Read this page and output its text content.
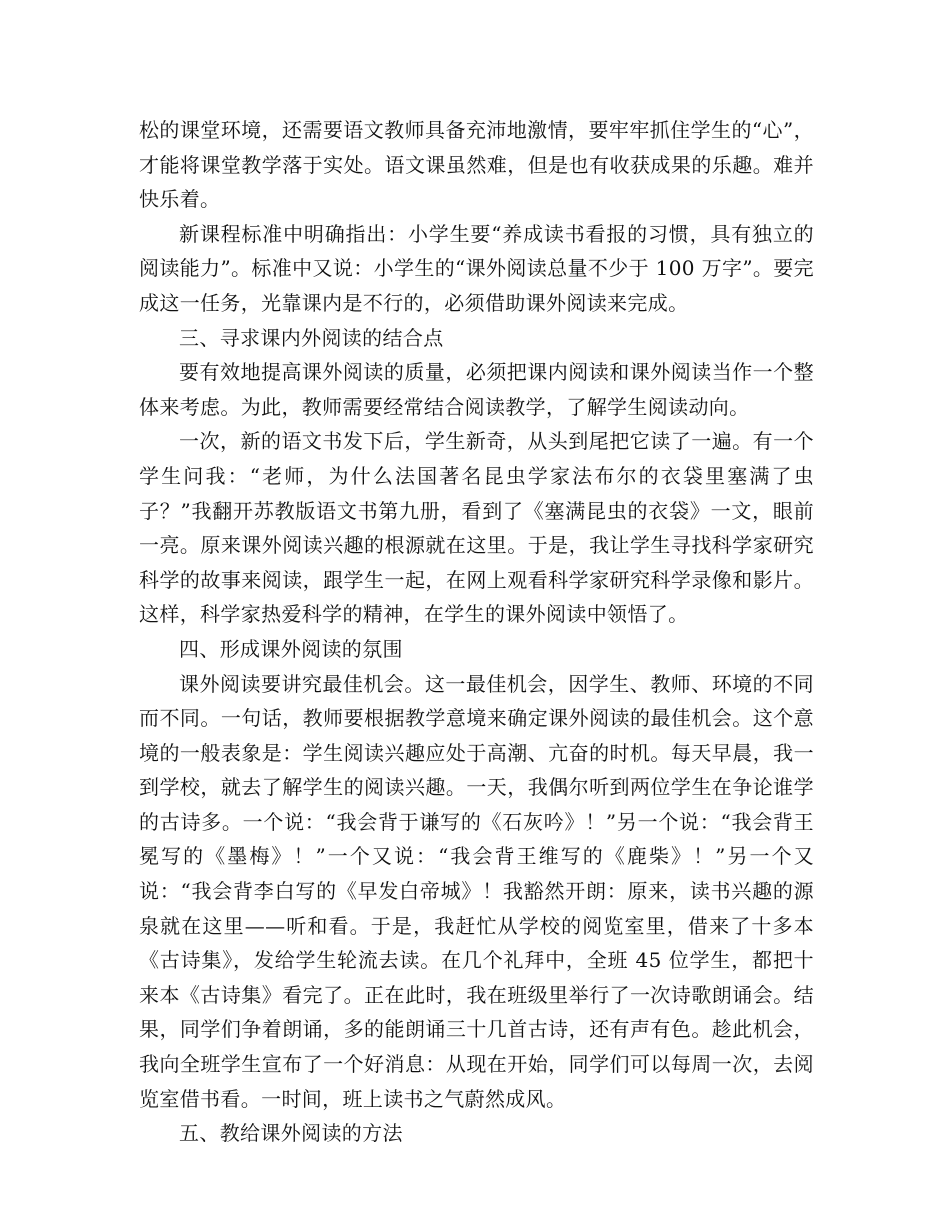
松的课堂环境，还需要语文教师具备充沛地激情，要牢牢抓住学生的“心”，才能将课堂教学落于实处。语文课虽然难，但是也有收获成果的乐趣。难并快乐着。

新课程标准中明确指出：小学生要“养成读书看报的习惯，具有独立的阅读能力”。标准中又说：小学生的“课外阅读总量不少于 100 万字”。要完成这一任务，光靠课内是不行的，必须借助课外阅读来完成。

三、寻求课内外阅读的结合点

要有效地提高课外阅读的质量，必须把课内阅读和课外阅读当作一个整体来考虑。为此，教师需要经常结合阅读教学，了解学生阅读动向。

一次，新的语文书发下后，学生新奇，从头到尾把它读了一遍。有一个学生问我：“老师，为什么法国著名昆虫学家法布尔的衣袋里塞满了虫子？”我翻开苏教版语文书第九册，看到了《塞满昆虫的衣袋》一文，眼前一亮。原来课外阅读兴趣的根源就在这里。于是，我让学生寻找科学家研究科学的故事来阅读，跟学生一起，在网上观看科学家研究科学录像和影片。这样，科学家热爱科学的精神，在学生的课外阅读中领悟了。

四、形成课外阅读的氛围

课外阅读要讲究最佳机会。这一最佳机会，因学生、教师、环境的不同而不同。一句话，教师要根据教学意境来确定课外阅读的最佳机会。这个意境的一般表象是：学生阅读兴趣应处于高潮、亢奋的时机。每天早晨，我一到学校，就去了解学生的阅读兴趣。一天，我偶尔听到两位学生在争论谁学的古诗多。一个说：“我会背于谦写的《石灰吟》！”另一个说：“我会背王冕写的《墨梅》！”一个又说：“我会背王维写的《鹿柴》！”另一个又说：“我会背李白写的《早发白帝城》！我豁然开朗：原来，读书兴趣的源泉就在这里——听和看。于是，我赶忙从学校的阅览室里，借来了十多本《古诗集》，发给学生轮流去读。在几个礼拜中，全班 45 位学生，都把十来本《古诗集》看完了。正在此时，我在班级里举行了一次诗歌朗诵会。结果，同学们争着朗诵，多的能朗诵三十几首古诗，还有声有色。趁此机会，我向全班学生宣布了一个好消息：从现在开始，同学们可以每周一次，去阅览室借书看。一时间，班上读书之气蔚然成风。

五、教给课外阅读的方法
